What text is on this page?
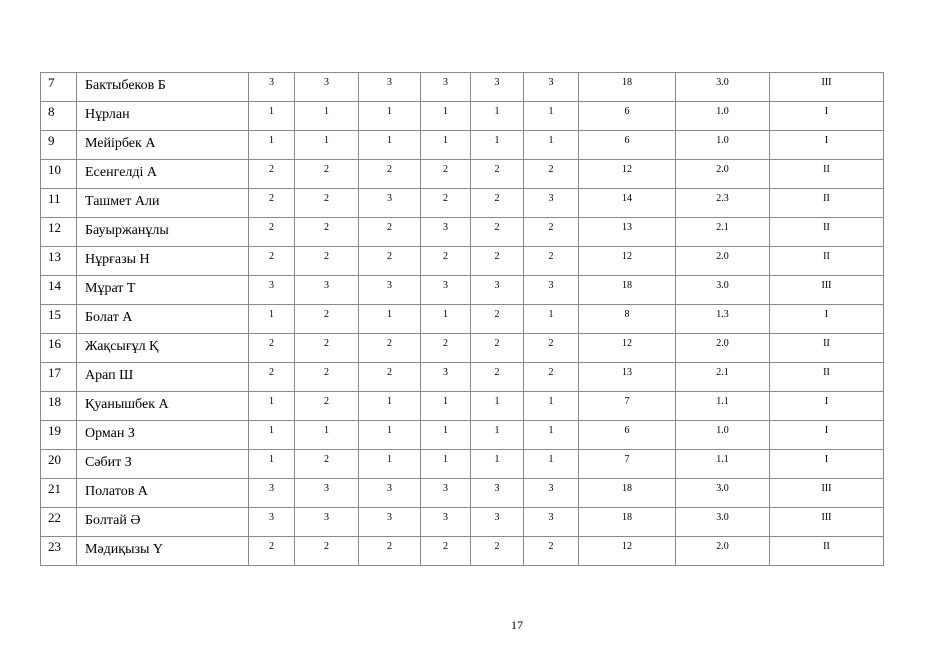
7	Бактыбеков Б	3	3	3	3	3	3	18	3.0	III
8	Нұрлан	1	1	1	1	1	1	6	1.0	I
9	Мейірбек А	1	1	1	1	1	1	6	1.0	I
10	Есенгелді А	2	2	2	2	2	2	12	2.0	II
11	Ташмет Али	2	2	3	2	2	3	14	2.3	II
12	Бауыржанұлы	2	2	2	3	2	2	13	2.1	II
13	Нұрғазы Н	2	2	2	2	2	2	12	2.0	II
14	Мұрат Т	3	3	3	3	3	3	18	3.0	III
15	Болат А	1	2	1	1	2	1	8	1.3	I
16	Жақсығұл Қ	2	2	2	2	2	2	12	2.0	II
17	Арап Ш	2	2	2	3	2	2	13	2.1	II
18	Қуанышбек А	1	2	1	1	1	1	7	1.1	I
19	Орман З	1	1	1	1	1	1	6	1.0	I
20	Сәбит З	1	2	1	1	1	1	7	1.1	I
21	Полатов А	3	3	3	3	3	3	18	3.0	III
22	Болтай Ә	3	3	3	3	3	3	18	3.0	III
23	Мәдиқызы Ү	2	2	2	2	2	2	12	2.0	II
17
